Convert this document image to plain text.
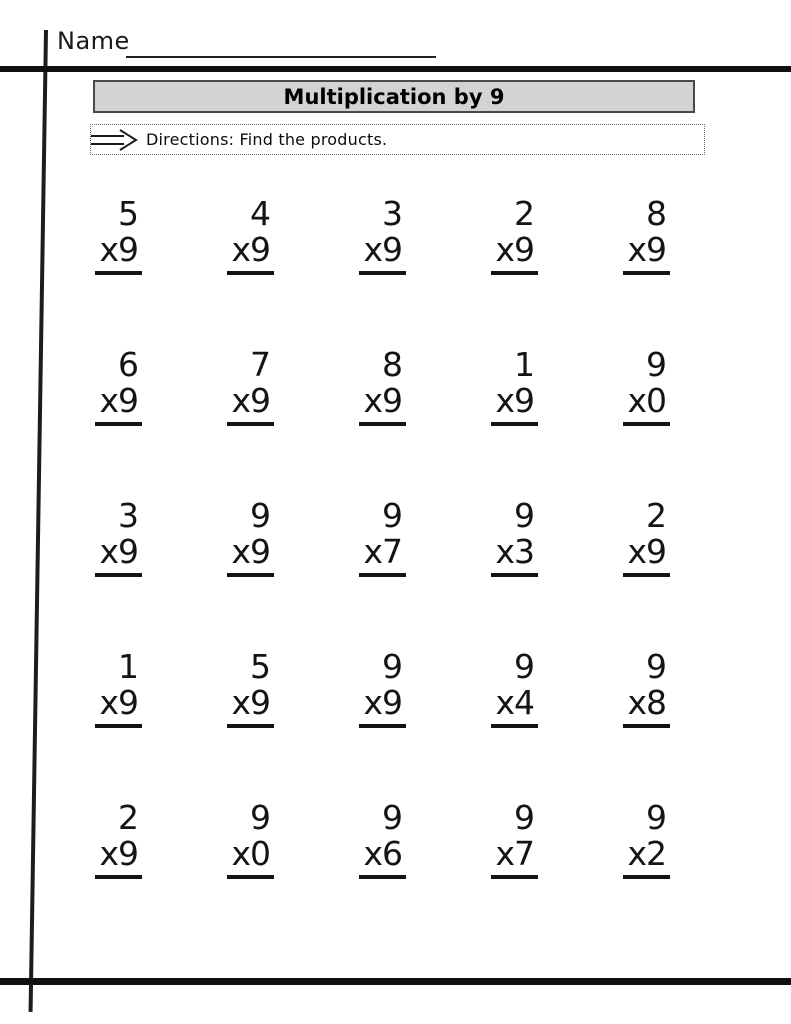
Name
Multiplication by 9
Directions: Find the products.
5
x9
4
x9
3
x9
2
x9
8
x9
6
x9
7
x9
8
x9
1
x9
9
x0
3
x9
9
x9
9
x7
9
x3
2
x9
1
x9
5
x9
9
x9
9
x4
9
x8
2
x9
9
x0
9
x6
9
x7
9
x2
